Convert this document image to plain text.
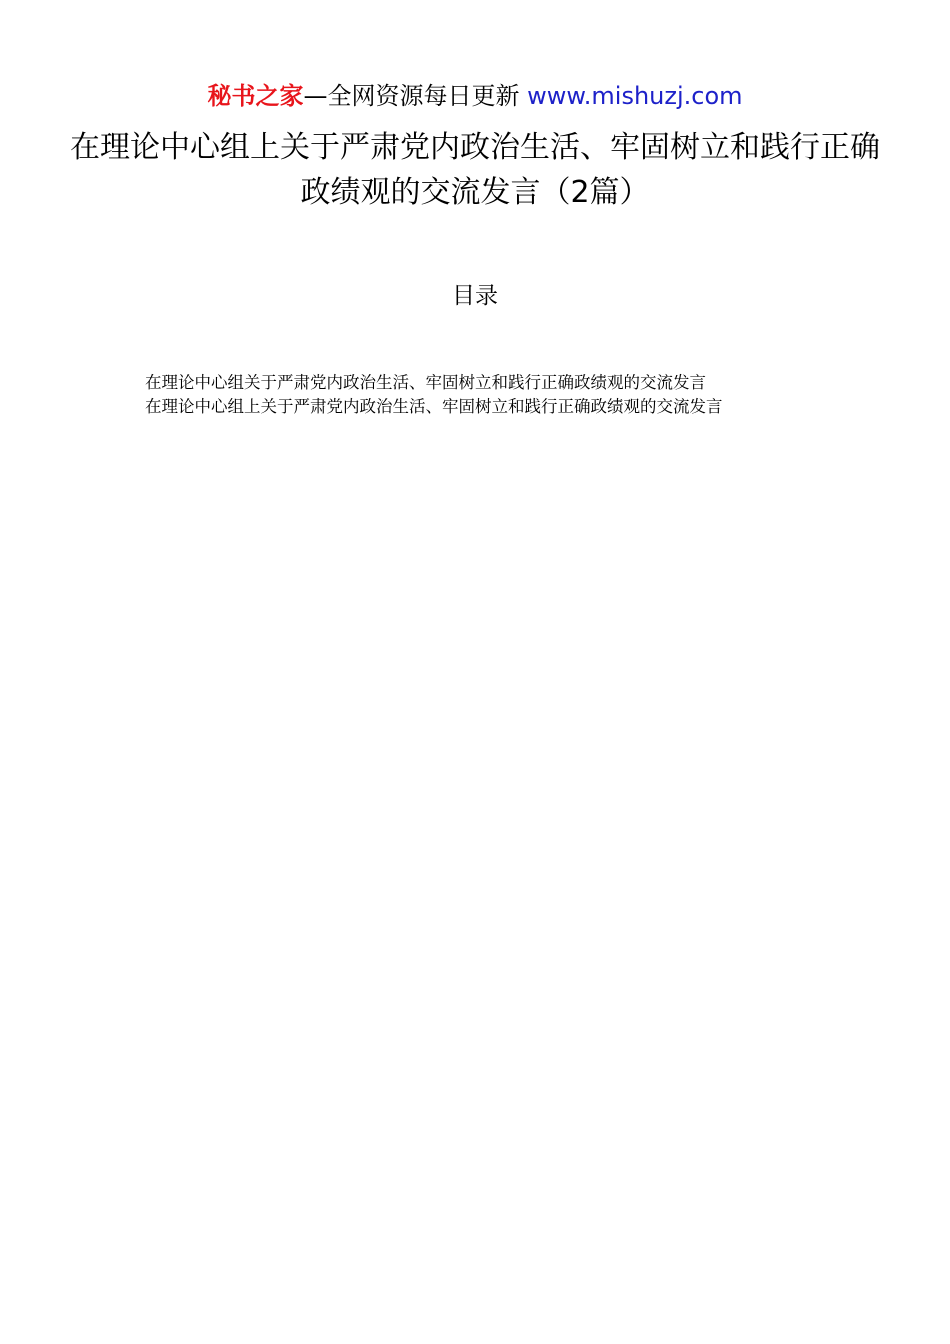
秘书之家—全网资源每日更新 www.mishuzj.com
在理论中心组上关于严肃党内政治生活、牢固树立和践行正确政绩观的交流发言（2篇）
目录
在理论中心组关于严肃党内政治生活、牢固树立和践行正确政绩观的交流发言
在理论中心组上关于严肃党内政治生活、牢固树立和践行正确政绩观的交流发言
